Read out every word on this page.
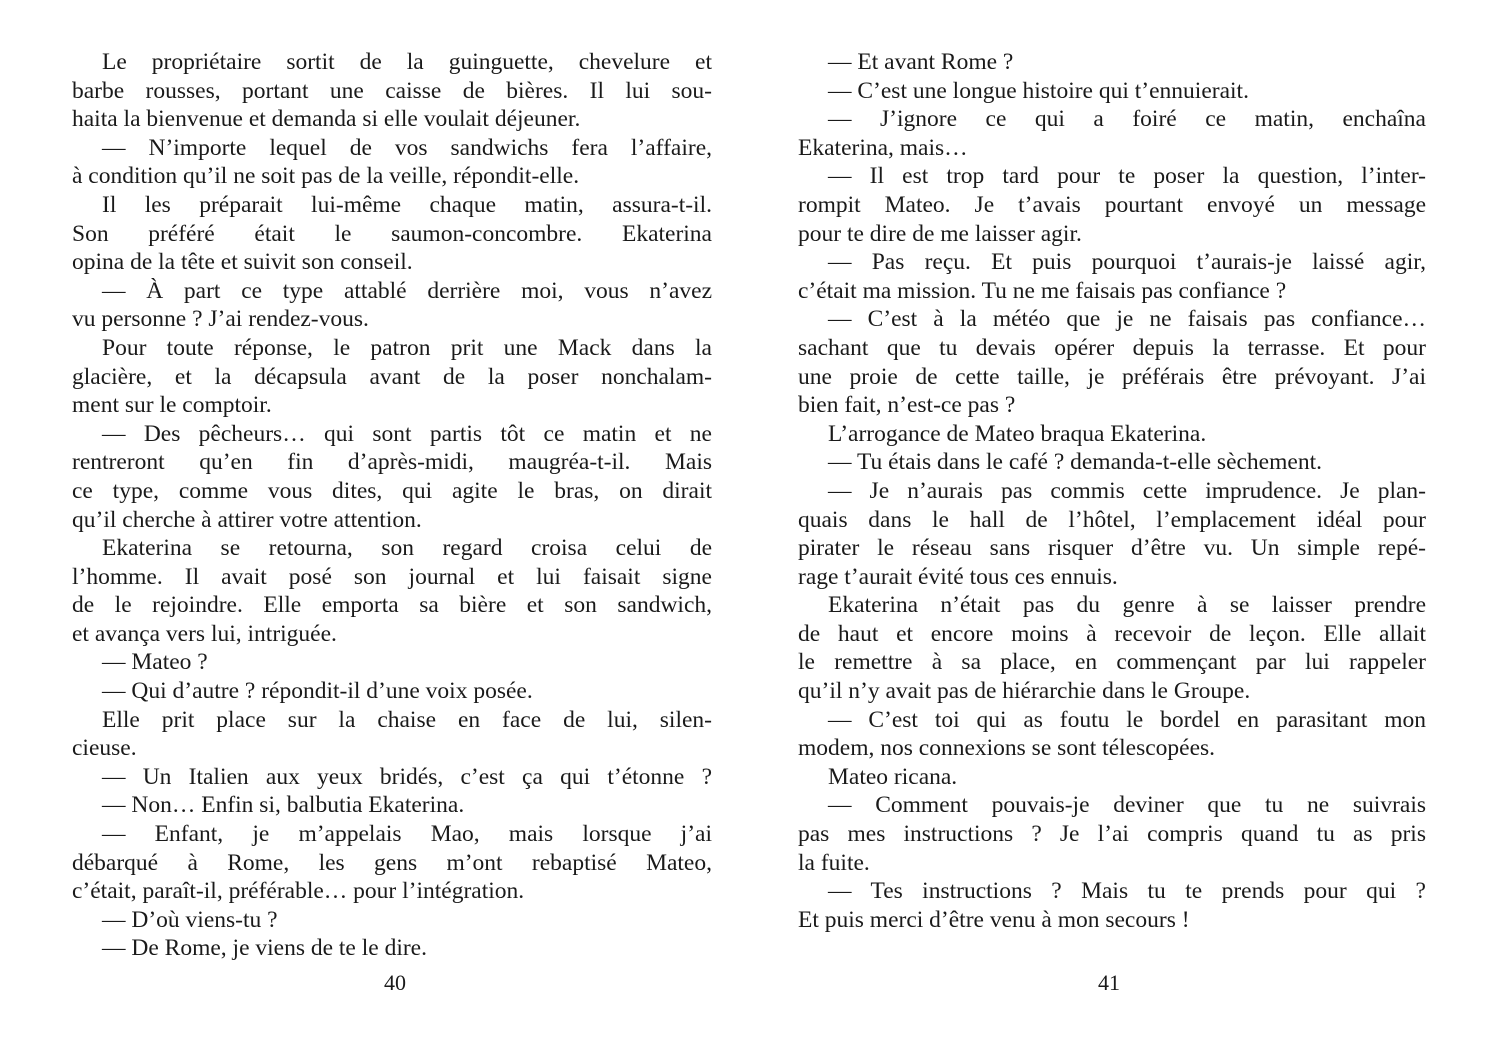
Le propriétaire sortit de la guinguette, chevelure et
barbe rousses, portant une caisse de bières. Il lui sou-
haita la bienvenue et demanda si elle voulait déjeuner.
— N’importe lequel de vos sandwichs fera l’affaire,
à condition qu’il ne soit pas de la veille, répondit-elle.
Il les préparait lui-même chaque matin, assura-t-il.
Son préféré était le saumon-concombre. Ekaterina
opina de la tête et suivit son conseil.
— À part ce type attablé derrière moi, vous n’avez
vu personne ? J’ai rendez-vous.
Pour toute réponse, le patron prit une Mack dans la
glacière, et la décapsula avant de la poser nonchalam-
ment sur le comptoir.
— Des pêcheurs… qui sont partis tôt ce matin et ne
rentreront qu’en fin d’après-midi, maugréa-t-il. Mais
ce type, comme vous dites, qui agite le bras, on dirait
qu’il cherche à attirer votre attention.
Ekaterina se retourna, son regard croisa celui de
l’homme. Il avait posé son journal et lui faisait signe
de le rejoindre. Elle emporta sa bière et son sandwich,
et avança vers lui, intriguée.
— Mateo ?
— Qui d’autre ? répondit-il d’une voix posée.
Elle prit place sur la chaise en face de lui, silen-
cieuse.
— Un Italien aux yeux bridés, c’est ça qui t’étonne ?
— Non… Enfin si, balbutia Ekaterina.
— Enfant, je m’appelais Mao, mais lorsque j’ai
débarqué à Rome, les gens m’ont rebaptisé Mateo,
c’était, paraît-il, préférable… pour l’intégration.
— D’où viens-tu ?
— De Rome, je viens de te le dire.
— Et avant Rome ?
— C’est une longue histoire qui t’ennuierait.
— J’ignore ce qui a foiré ce matin, enchaîna
Ekaterina, mais…
— Il est trop tard pour te poser la question, l’inter-
rompit Mateo. Je t’avais pourtant envoyé un message
pour te dire de me laisser agir.
— Pas reçu. Et puis pourquoi t’aurais-je laissé agir,
c’était ma mission. Tu ne me faisais pas confiance ?
— C’est à la météo que je ne faisais pas confiance…
sachant que tu devais opérer depuis la terrasse. Et pour
une proie de cette taille, je préférais être prévoyant. J’ai
bien fait, n’est-ce pas ?
L’arrogance de Mateo braqua Ekaterina.
— Tu étais dans le café ? demanda-t-elle sèchement.
— Je n’aurais pas commis cette imprudence. Je plan-
quais dans le hall de l’hôtel, l’emplacement idéal pour
pirater le réseau sans risquer d’être vu. Un simple repé-
rage t’aurait évité tous ces ennuis.
Ekaterina n’était pas du genre à se laisser prendre
de haut et encore moins à recevoir de leçon. Elle allait
le remettre à sa place, en commençant par lui rappeler
qu’il n’y avait pas de hiérarchie dans le Groupe.
— C’est toi qui as foutu le bordel en parasitant mon
modem, nos connexions se sont télescopées.
Mateo ricana.
— Comment pouvais-je deviner que tu ne suivrais
pas mes instructions ? Je l’ai compris quand tu as pris
la fuite.
— Tes instructions ? Mais tu te prends pour qui ?
Et puis merci d’être venu à mon secours !
40	41
